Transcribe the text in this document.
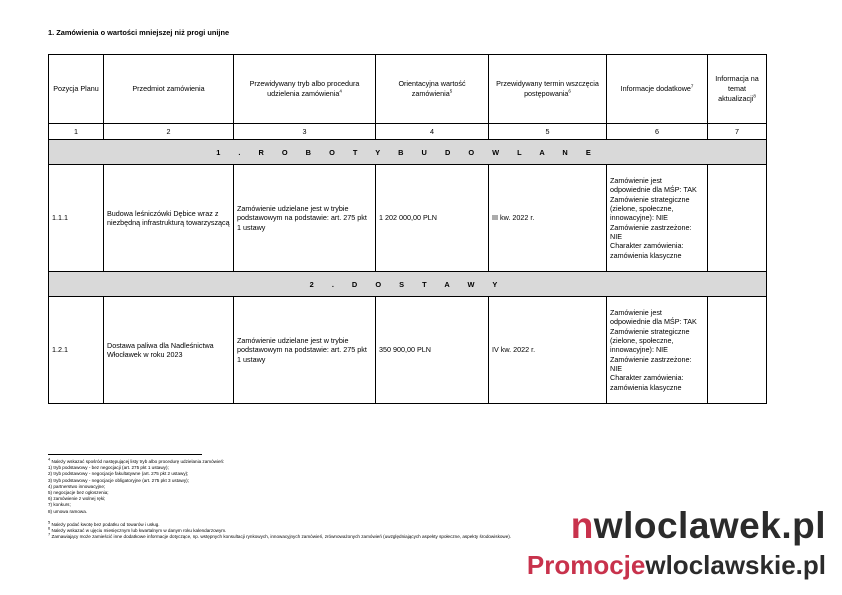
1. Zamówienia o wartości mniejszej niż progi unijne
Pozycja Planu	Przedmiot zamówienia	Przewidywany tryb albo procedura udzielenia zamówienia$^4$	Orientacyjna wartość zamówienia$^5$	Przewidywany termin wszczęcia postępowania$^6$	Informacje dodatkowe$^7$	Informacja na temat aktualizacji$^8$
1	2	3	4	5	6	7
1 . R O B O T Y B U D O W L A N E						
1.1.1	Budowa leśniczówki Dębice wraz z niezbędną infrastrukturą towarzyszącą	Zamówienie udzielane jest w trybie podstawowym na podstawie: art. 275 pkt 1 ustawy	1 202 000,00 PLN	III kw. 2022 r.	Zamówienie jest odpowiednie dla MŚP: TAK
Zamówienie strategiczne (zielone, społeczne, innowacyjne): NIE
Zamówienie zastrzeżone: NIE
Charakter zamówienia: zamówienia klasyczne	

2 . D O S T A W Y						
1.2.1	Dostawa paliwa dla Nadleśnictwa Włocławek w roku 2023	Zamówienie udzielane jest w trybie podstawowym na podstawie: art. 275 pkt 1 ustawy	350 900,00 PLN	IV kw. 2022 r.	Zamówienie jest odpowiednie dla MŚP: TAK
Zamówienie strategiczne (zielone, społeczne, innowacyjne): NIE
Zamówienie zastrzeżone: NIE
Charakter zamówienia: zamówienia klasyczne	

$^4$ Należy wskazać spośród następującej listy tryb albo procedurę udzielania zamówień:

1) tryb podstawowy - bez negocjacji (art. 275 pkt 1 ustawy);

2) tryb podstawowy - negocjacje fakultatywne (art. 275 pkt 2 ustawy);

3) tryb podstawowy - negocjacje obligatoryjne (art. 275 pkt 3 ustawy);

4) partnerstwo innowacyjne;

5) negocjacje bez ogłoszenia;

6) zamówienie z wolnej ręki;

7) konkurs;

8) umowa ramowa.

$^5$ Należy podać kwotę bez podatku od towarów i usług.

$^6$ Należy wskazać w ujęciu miesięcznym lub kwartalnym w danym roku kalendarzowym.

$^7$ Zamawiający może zamieścić inne dodatkowe informacje dotyczące, np. wstępnych konsultacji rynkowych, innowacyjnych zamówień, zrównoważonych zamówień (uwzględniających aspekty społeczne, aspekty środowiskowe).	nwloclawek.pl
Promocjewloclawskie.pl
